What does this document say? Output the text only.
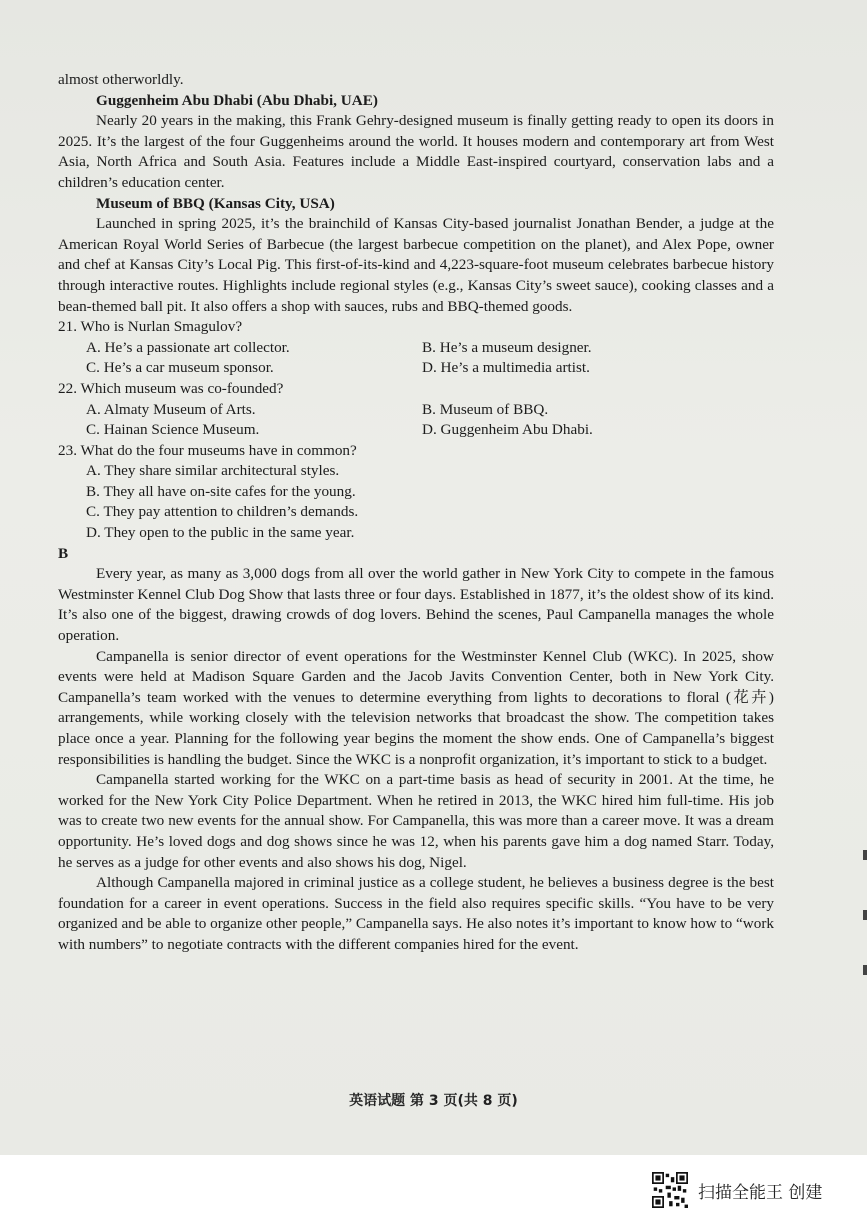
almost otherworldly.

Guggenheim Abu Dhabi (Abu Dhabi, UAE)

Nearly 20 years in the making, this Frank Gehry-designed museum is finally getting ready to open its doors in 2025. It’s the largest of the four Guggenheims around the world. It houses modern and contemporary art from West Asia, North Africa and South Asia. Features include a Middle East-inspired courtyard, conservation labs and a children’s education center.

Museum of BBQ (Kansas City, USA)

Launched in spring 2025, it’s the brainchild of Kansas City-based journalist Jonathan Bender, a judge at the American Royal World Series of Barbecue (the largest barbecue competition on the planet), and Alex Pope, owner and chef at Kansas City’s Local Pig. This first-of-its-kind and 4,223-square-foot museum celebrates barbecue history through interactive routes. Highlights include regional styles (e.g., Kansas City’s sweet sauce), cooking classes and a bean-themed ball pit. It also offers a shop with sauces, rubs and BBQ-themed goods.

21. Who is Nurlan Smagulov?

A. He’s a passionate art collector.	B. He’s a museum designer.
C. He’s a car museum sponsor.	D. He’s a multimedia artist.

22. Which museum was co-founded?

A. Almaty Museum of Arts.	B. Museum of BBQ.
C. Hainan Science Museum.	D. Guggenheim Abu Dhabi.

23. What do the four museums have in common?

A. They share similar architectural styles.
B. They all have on-site cafes for the young.
C. They pay attention to children’s demands.
D. They open to the public in the same year.

B

Every year, as many as 3,000 dogs from all over the world gather in New York City to compete in the famous Westminster Kennel Club Dog Show that lasts three or four days. Established in 1877, it’s the oldest show of its kind. It’s also one of the biggest, drawing crowds of dog lovers. Behind the scenes, Paul Campanella manages the whole operation.

Campanella is senior director of event operations for the Westminster Kennel Club (WKC). In 2025, show events were held at Madison Square Garden and the Jacob Javits Convention Center, both in New York City. Campanella’s team worked with the venues to determine everything from lights to decorations to floral (花卉) arrangements, while working closely with the television networks that broadcast the show. The competition takes place once a year. Planning for the following year begins the moment the show ends. One of Campanella’s biggest responsibilities is handling the budget. Since the WKC is a nonprofit organization, it’s important to stick to a budget.

Campanella started working for the WKC on a part-time basis as head of security in 2001. At the time, he worked for the New York City Police Department. When he retired in 2013, the WKC hired him full-time. His job was to create two new events for the annual show. For Campanella, this was more than a career move. It was a dream opportunity. He’s loved dogs and dog shows since he was 12, when his parents gave him a dog named Starr. Today, he serves as a judge for other events and also shows his dog, Nigel.

Although Campanella majored in criminal justice as a college student, he believes a business degree is the best foundation for a career in event operations. Success in the field also requires specific skills. “You have to be very organized and be able to organize other people,” Campanella says. He also notes it’s important to know how to “work with numbers” to negotiate contracts with the different companies hired for the event.

英语试题 第 3 页(共 8 页)
扫描全能王 创建
